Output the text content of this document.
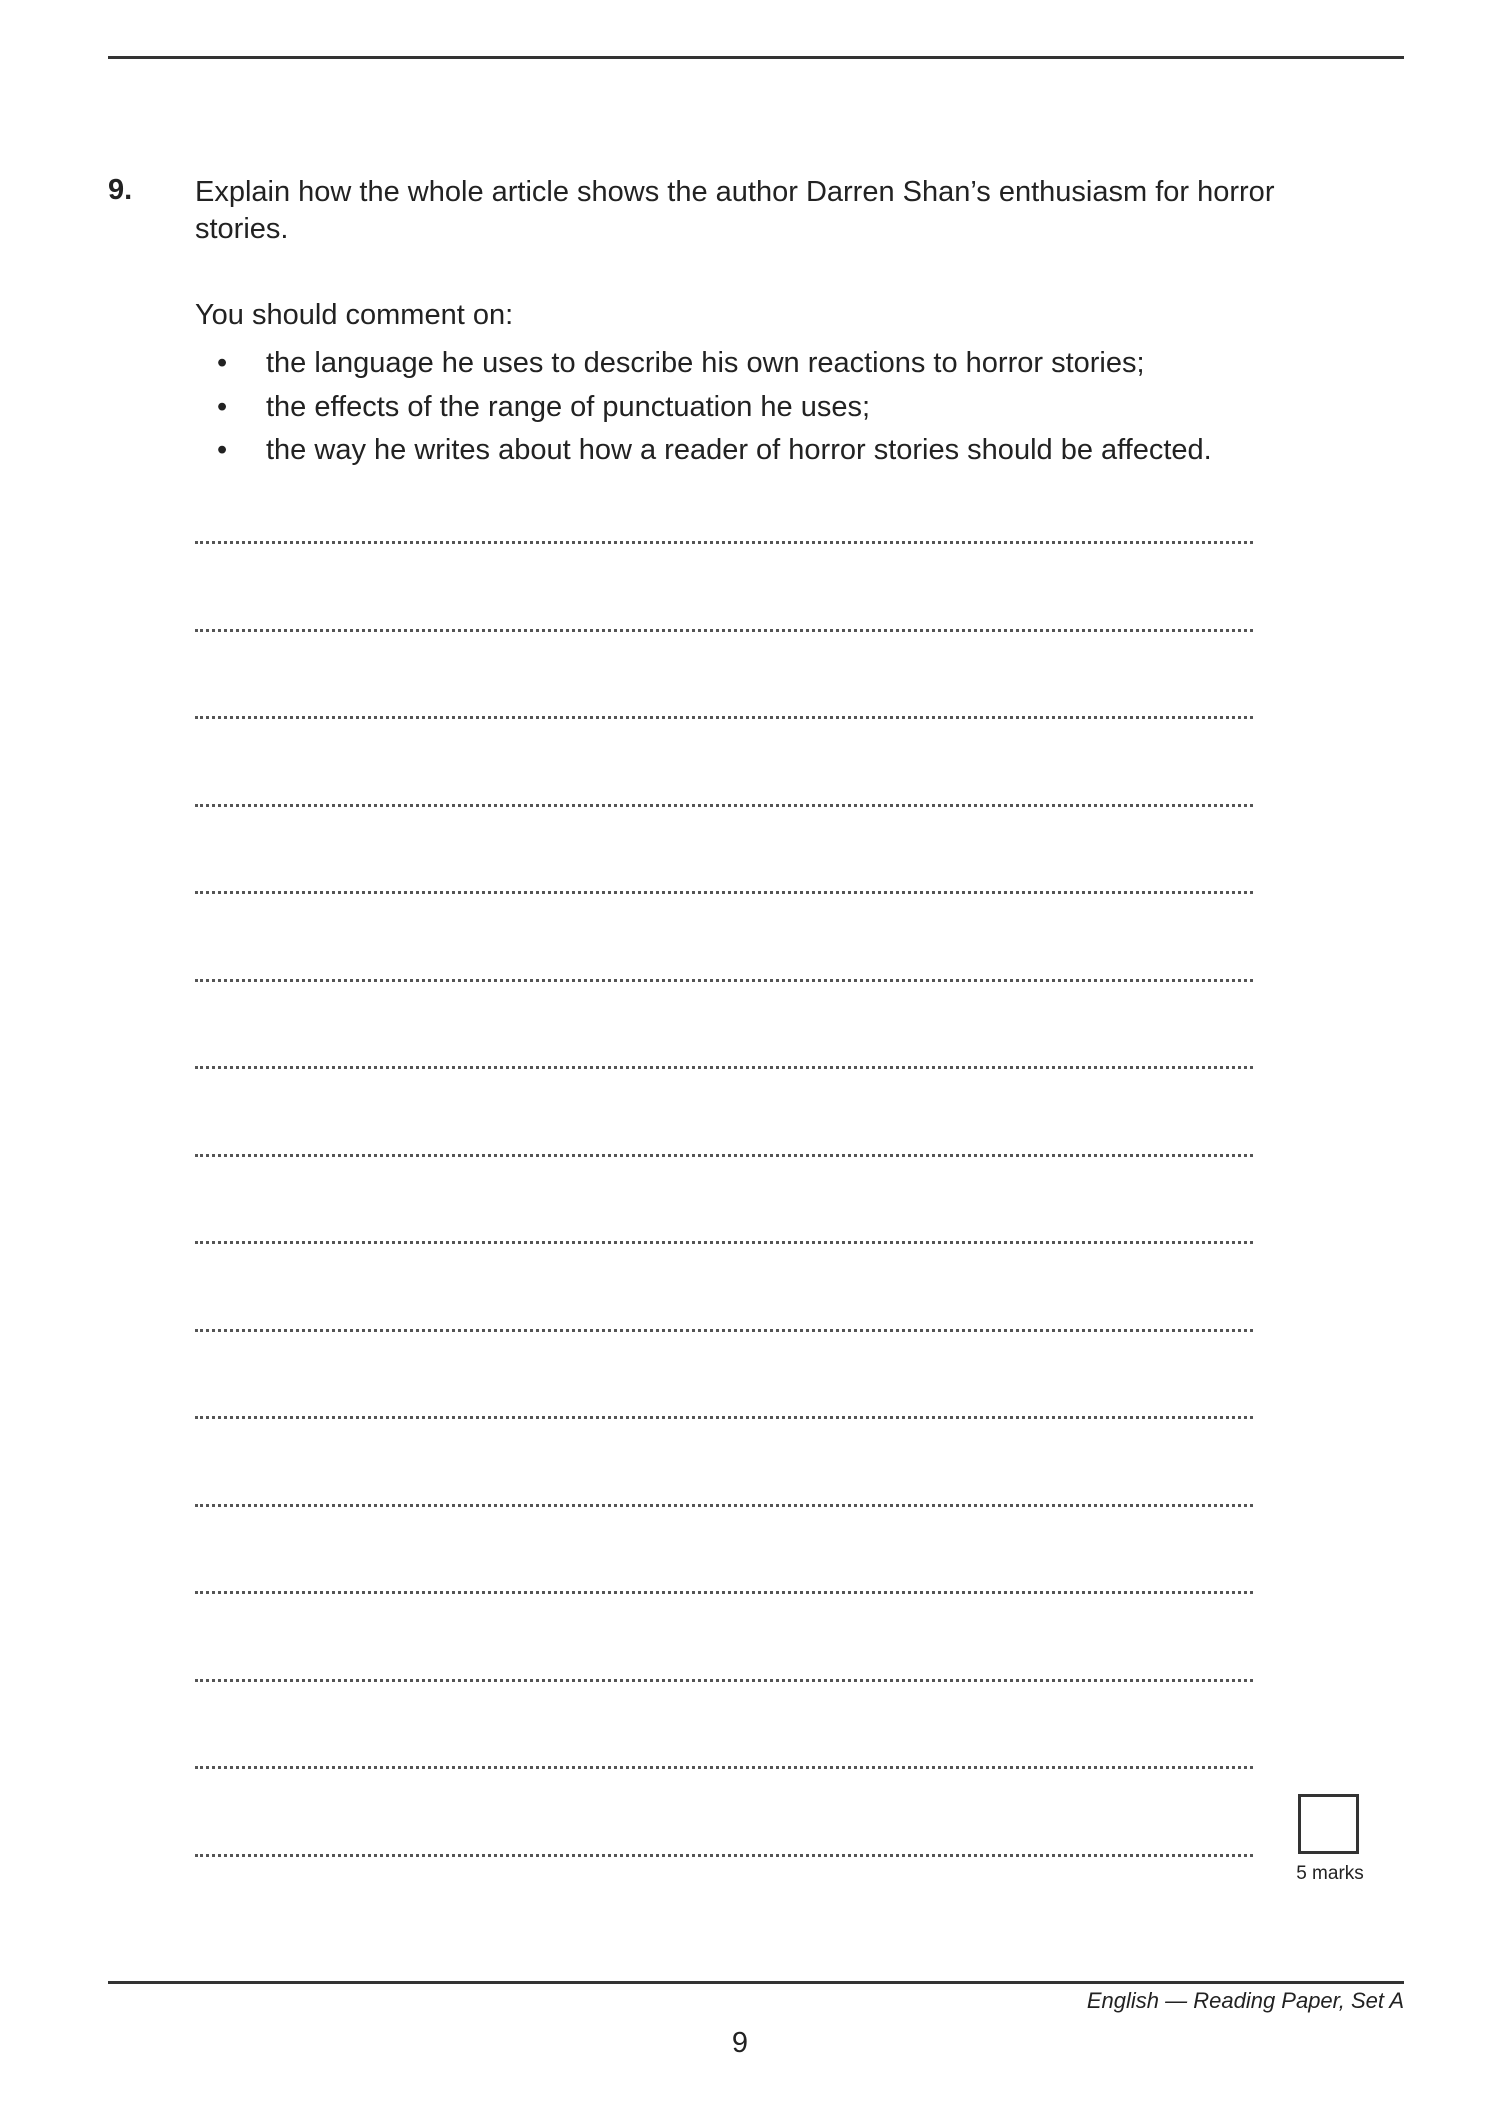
9. Explain how the whole article shows the author Darren Shan’s enthusiasm for horror stories.
You should comment on:
• the language he uses to describe his own reactions to horror stories;
• the effects of the range of punctuation he uses;
• the way he writes about how a reader of horror stories should be affected.
5 marks
English — Reading Paper, Set A
9
